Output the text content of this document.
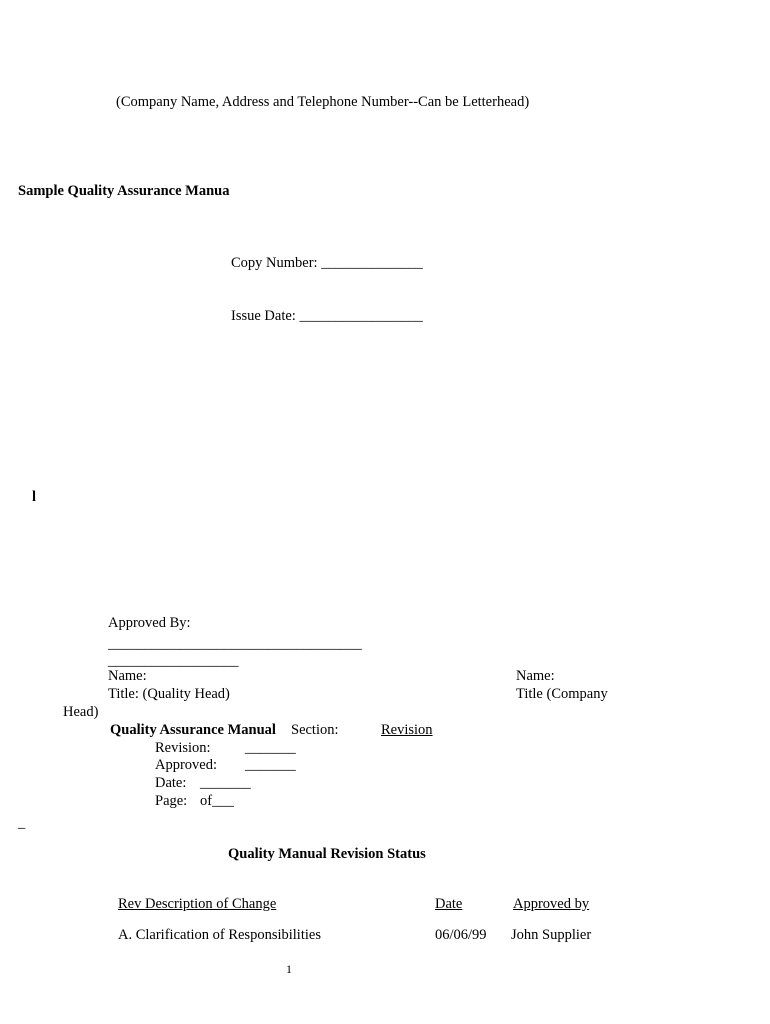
(Company Name, Address and Telephone Number--Can be Letterhead)
Sample Quality Assurance Manua
Copy Number: ______________
Issue Date: _________________
l
Approved By:
___________________________________
__________________
Name:	Name:
Title: (Quality Head)	Title (Company
Head)
Quality Assurance Manual Section:	Revision
Revision: _______
Approved: _______
Date: _______
Page: of___
_
Quality Manual Revision Status
Rev Description of Change	Date	Approved by
A. Clarification of Responsibilities	06/06/99 John Supplier
1
